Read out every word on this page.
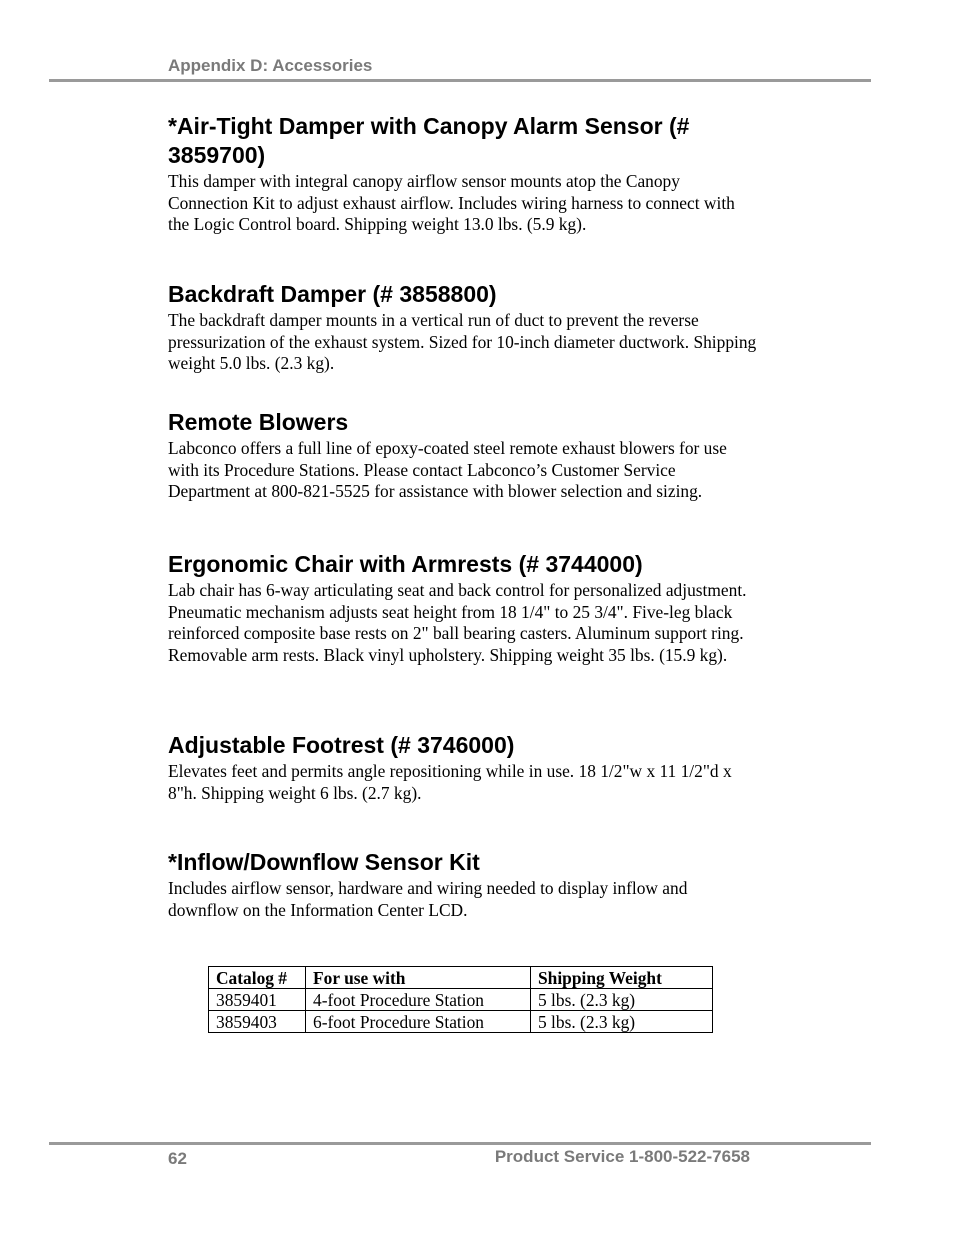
Appendix D: Accessories
*Air-Tight Damper with Canopy Alarm Sensor (# 3859700)

This damper with integral canopy airflow sensor mounts atop the Canopy Connection Kit to adjust exhaust airflow. Includes wiring harness to connect with the Logic Control board. Shipping weight 13.0 lbs. (5.9 kg).

Backdraft Damper (# 3858800)

The backdraft damper mounts in a vertical run of duct to prevent the reverse pressurization of the exhaust system. Sized for 10-inch diameter ductwork. Shipping weight 5.0 lbs. (2.3 kg).

Remote Blowers

Labconco offers a full line of epoxy-coated steel remote exhaust blowers for use with its Procedure Stations. Please contact Labconco’s Customer Service Department at 800-821-5525 for assistance with blower selection and sizing.

Ergonomic Chair with Armrests (# 3744000)

Lab chair has 6-way articulating seat and back control for personalized adjustment. Pneumatic mechanism adjusts seat height from 18 1/4" to 25 3/4". Five-leg black reinforced composite base rests on 2" ball bearing casters. Aluminum support ring. Removable arm rests. Black vinyl upholstery. Shipping weight 35 lbs. (15.9 kg).

Adjustable Footrest (# 3746000)

Elevates feet and permits angle repositioning while in use. 18 1/2"w x 11 1/2"d x 8"h. Shipping weight 6 lbs. (2.7 kg).

*Inflow/Downflow Sensor Kit

Includes airflow sensor, hardware and wiring needed to display inflow and downflow on the Information Center LCD.

Catalog #	For use with	Shipping Weight
3859401	4-foot Procedure Station	5 lbs. (2.3 kg)
3859403	6-foot Procedure Station	5 lbs. (2.3 kg)
62	Product Service 1-800-522-7658
